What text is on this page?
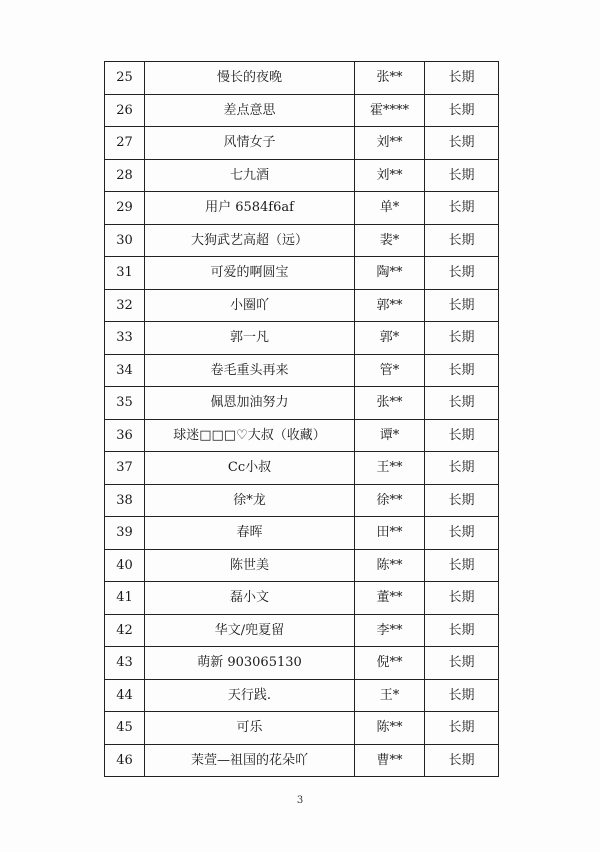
25	慢长的夜晚	张**	长期
26	差点意思	霍****	长期
27	风情女子	刘**	长期
28	七九酒	刘**	长期
29	用户 6584f6af	单*	长期
30	大狗武艺高超（远）	裴*	长期
31	可爱的啊圆宝	陶**	长期
32	小圈吖	郭**	长期
33	郭一凡	郭*	长期
34	卷毛重头再来	管*	长期
35	佩恩加油努力	张**	长期
36	球迷□□□♡大叔（收藏）	谭*	长期
37	Cc小叔	王**	长期
38	徐*龙	徐**	长期
39	春晖	田**	长期
40	陈世美	陈**	长期
41	磊小文	董**	长期
42	华文/兜夏留	李**	长期
43	萌新 903065130	倪**	长期
44	天行践.	王*	长期
45	可乐	陈**	长期
46	茉萱—祖国的花朵吖	曹**	长期
3
